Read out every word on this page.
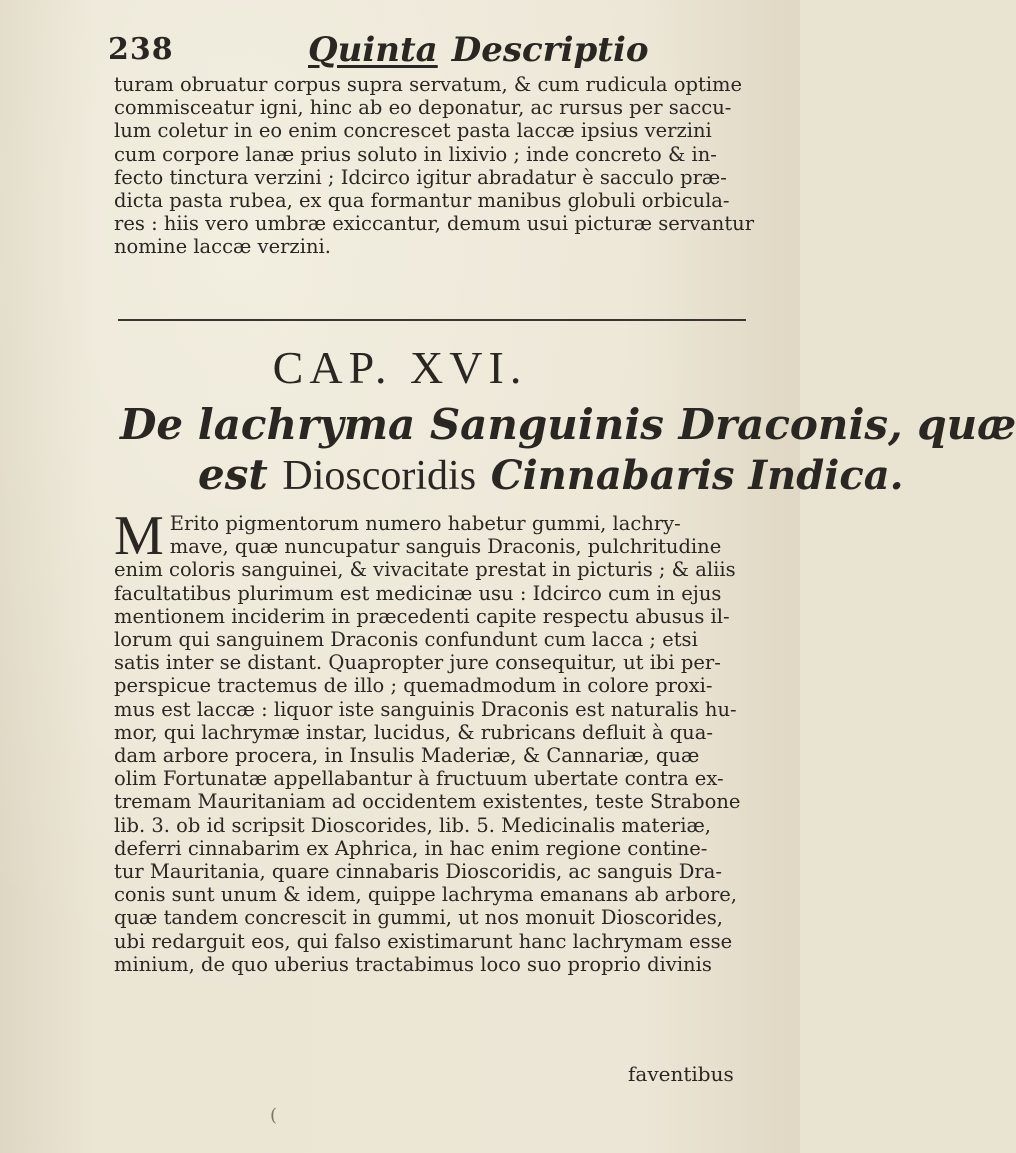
238	Quinta Descriptio
turam obruatur corpus supra servatum, & cum rudicula optime
commisceatur igni, hinc ab eo deponatur, ac rursus per saccu-
lum coletur in eo enim concrescet pasta laccæ ipsius verzini
cum corpore lanæ prius soluto in lixivio ; inde concreto & in-
fecto tinctura verzini ; Idcirco igitur abradatur è sacculo præ-
dicta pasta rubea, ex qua formantur manibus globuli orbicula-
res : hiis vero umbræ exiccantur, demum usui picturæ servantur
nomine laccæ verzini.
CAP. XVI.
De lachryma Sanguinis Draconis, quæ
est Dioscoridis Cinnabaris Indica.
M Erito pigmentorum numero habetur gummi, lachry-
mave, quæ nuncupatur sanguis Draconis, pulchritudine
enim coloris sanguinei, & vivacitate prestat in picturis ; & aliis
facultatibus plurimum est medicinæ usu : Idcirco cum in ejus
mentionem inciderim in præcedenti capite respectu abusus il-
lorum qui sanguinem Draconis confundunt cum lacca ; etsi
satis inter se distant. Quapropter jure consequitur, ut ibi per-
perspicue tractemus de illo ; quemadmodum in colore proxi-
mus est laccæ : liquor iste sanguinis Draconis est naturalis hu-
mor, qui lachrymæ instar, lucidus, & rubricans defluit à qua-
dam arbore procera, in Insulis Maderiæ, & Cannariæ, quæ
olim Fortunatæ appellabantur à fructuum ubertate contra ex-
tremam Mauritaniam ad occidentem existentes, teste Strabone
lib. 3. ob id scripsit Dioscorides, lib. 5. Medicinalis materiæ,
deferri cinnabarim ex Aphrica, in hac enim regione contine-
tur Mauritania, quare cinnabaris Dioscoridis, ac sanguis Dra-
conis sunt unum & idem, quippe lachryma emanans ab arbore,
quæ tandem concrescit in gummi, ut nos monuit Dioscorides,
ubi redarguit eos, qui falso existimarunt hanc lachrymam esse
minium, de quo uberius tractabimus loco suo proprio divinis
faventibus
(
